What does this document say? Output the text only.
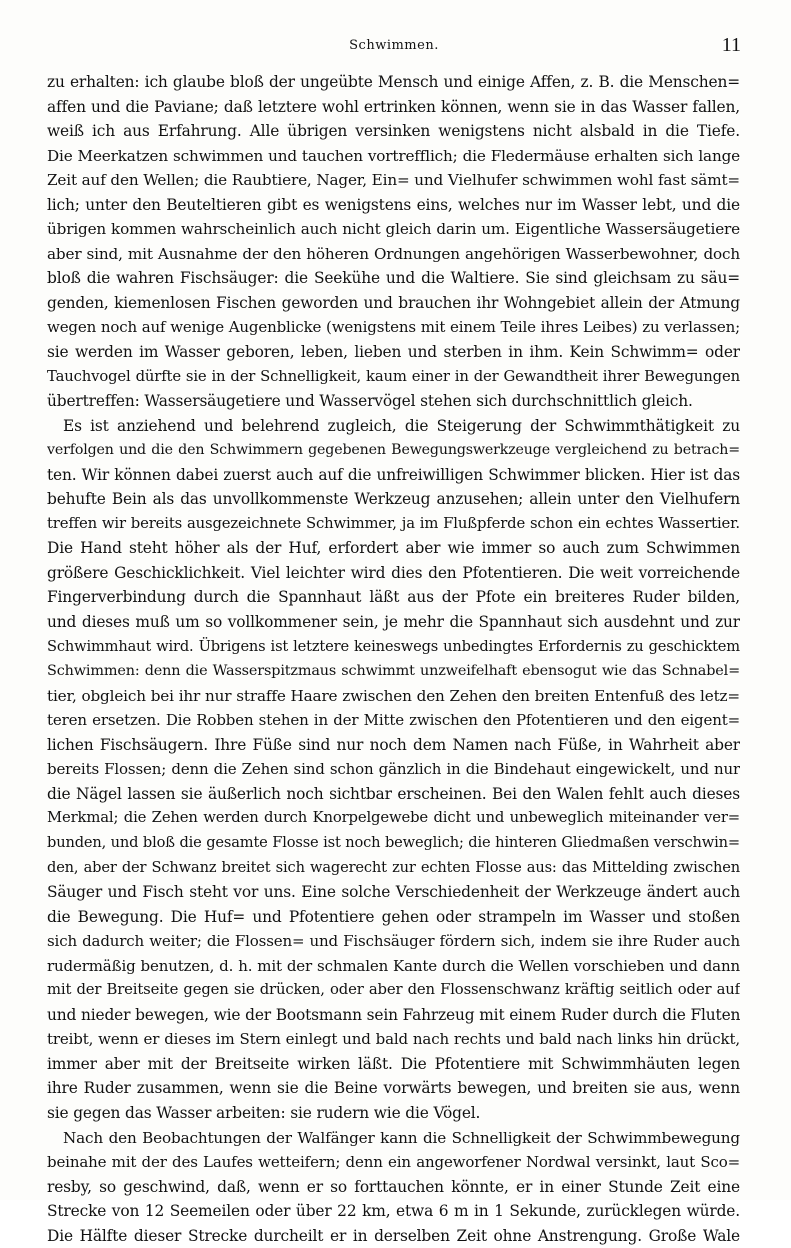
Schwimmen.	11
zu erhalten: ich glaube bloß der ungeübte Mensch und einige Affen, z. B. die Menschen=
affen und die Paviane; daß letztere wohl ertrinken können, wenn sie in das Wasser fallen,
weiß ich aus Erfahrung. Alle übrigen versinken wenigstens nicht alsbald in die Tiefe.
Die Meerkatzen schwimmen und tauchen vortrefflich; die Fledermäuse erhalten sich lange
Zeit auf den Wellen; die Raubtiere, Nager, Ein= und Vielhufer schwimmen wohl fast sämt=
lich; unter den Beuteltieren gibt es wenigstens eins, welches nur im Wasser lebt, und die
übrigen kommen wahrscheinlich auch nicht gleich darin um. Eigentliche Wassersäugetiere
aber sind, mit Ausnahme der den höheren Ordnungen angehörigen Wasserbewohner, doch
bloß die wahren Fischsäuger: die Seekühe und die Waltiere. Sie sind gleichsam zu säu=
genden, kiemenlosen Fischen geworden und brauchen ihr Wohngebiet allein der Atmung
wegen noch auf wenige Augenblicke (wenigstens mit einem Teile ihres Leibes) zu verlassen;
sie werden im Wasser geboren, leben, lieben und sterben in ihm. Kein Schwimm= oder
Tauchvogel dürfte sie in der Schnelligkeit, kaum einer in der Gewandtheit ihrer Bewegungen
übertreffen: Wassersäugetiere und Wasservögel stehen sich durchschnittlich gleich.
Es ist anziehend und belehrend zugleich, die Steigerung der Schwimmthätigkeit zu
verfolgen und die den Schwimmern gegebenen Bewegungswerkzeuge vergleichend zu betrach=
ten. Wir können dabei zuerst auch auf die unfreiwilligen Schwimmer blicken. Hier ist das
behufte Bein als das unvollkommenste Werkzeug anzusehen; allein unter den Vielhufern
treffen wir bereits ausgezeichnete Schwimmer, ja im Flußpferde schon ein echtes Wassertier.
Die Hand steht höher als der Huf, erfordert aber wie immer so auch zum Schwimmen
größere Geschicklichkeit. Viel leichter wird dies den Pfotentieren. Die weit vorreichende
Fingerverbindung durch die Spannhaut läßt aus der Pfote ein breiteres Ruder bilden,
und dieses muß um so vollkommener sein, je mehr die Spannhaut sich ausdehnt und zur
Schwimmhaut wird. Übrigens ist letztere keineswegs unbedingtes Erfordernis zu geschicktem
Schwimmen: denn die Wasserspitzmaus schwimmt unzweifelhaft ebensogut wie das Schnabel=
tier, obgleich bei ihr nur straffe Haare zwischen den Zehen den breiten Entenfuß des letz=
teren ersetzen. Die Robben stehen in der Mitte zwischen den Pfotentieren und den eigent=
lichen Fischsäugern. Ihre Füße sind nur noch dem Namen nach Füße, in Wahrheit aber
bereits Flossen; denn die Zehen sind schon gänzlich in die Bindehaut eingewickelt, und nur
die Nägel lassen sie äußerlich noch sichtbar erscheinen. Bei den Walen fehlt auch dieses
Merkmal; die Zehen werden durch Knorpelgewebe dicht und unbeweglich miteinander ver=
bunden, und bloß die gesamte Flosse ist noch beweglich; die hinteren Gliedmaßen verschwin=
den, aber der Schwanz breitet sich wagerecht zur echten Flosse aus: das Mittelding zwischen
Säuger und Fisch steht vor uns. Eine solche Verschiedenheit der Werkzeuge ändert auch
die Bewegung. Die Huf= und Pfotentiere gehen oder strampeln im Wasser und stoßen
sich dadurch weiter; die Flossen= und Fischsäuger fördern sich, indem sie ihre Ruder auch
rudermäßig benutzen, d. h. mit der schmalen Kante durch die Wellen vorschieben und dann
mit der Breitseite gegen sie drücken, oder aber den Flossenschwanz kräftig seitlich oder auf
und nieder bewegen, wie der Bootsmann sein Fahrzeug mit einem Ruder durch die Fluten
treibt, wenn er dieses im Stern einlegt und bald nach rechts und bald nach links hin drückt,
immer aber mit der Breitseite wirken läßt. Die Pfotentiere mit Schwimmhäuten legen
ihre Ruder zusammen, wenn sie die Beine vorwärts bewegen, und breiten sie aus, wenn
sie gegen das Wasser arbeiten: sie rudern wie die Vögel.
Nach den Beobachtungen der Walfänger kann die Schnelligkeit der Schwimmbewegung
beinahe mit der des Laufes wetteifern; denn ein angeworfener Nordwal versinkt, laut Sco=
resby, so geschwind, daß, wenn er so forttauchen könnte, er in einer Stunde Zeit eine
Strecke von 12 Seemeilen oder über 22 km, etwa 6 m in 1 Sekunde, zurücklegen würde.
Die Hälfte dieser Strecke durcheilt er in derselben Zeit ohne Anstrengung. Große Wale
